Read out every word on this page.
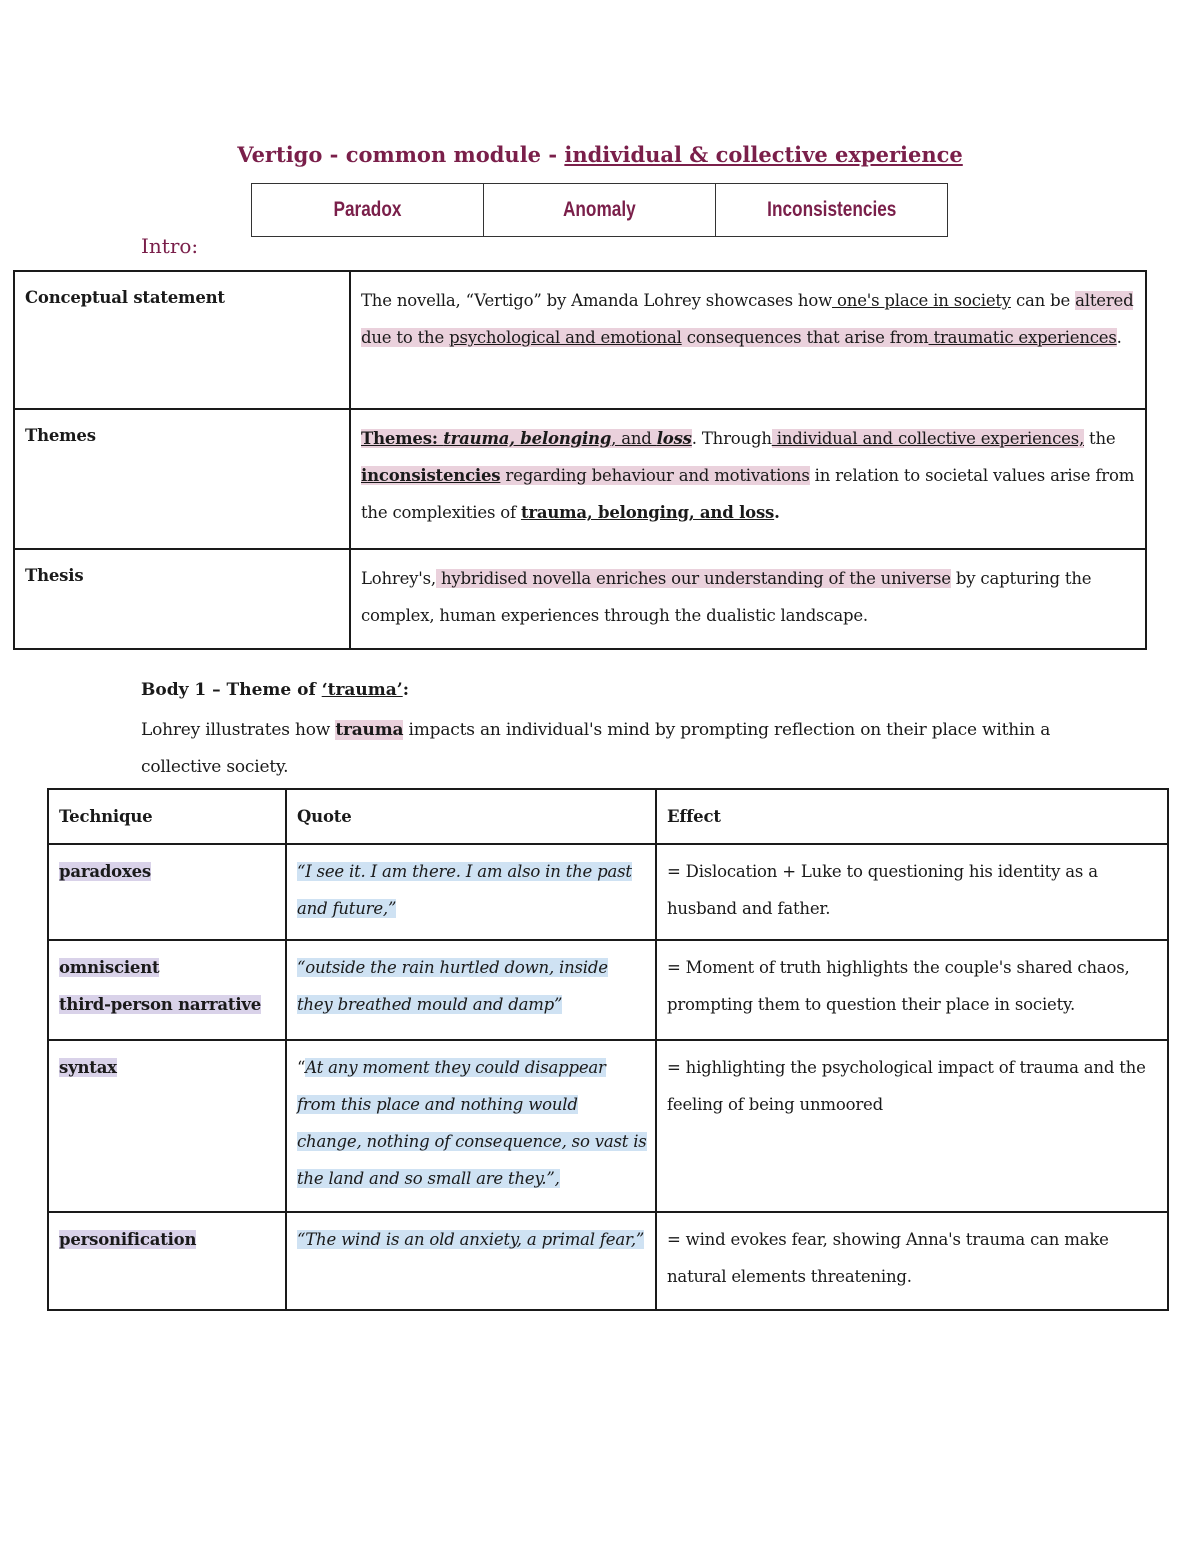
Vertigo - common module - individual & collective experience
Paradox	Anomaly	Inconsistencies
Intro:
Conceptual statement	The novella, “Vertigo” by Amanda Lohrey showcases how one's place in society can be altered due to the psychological and emotional consequences that arise from traumatic experiences.
Themes	Themes: trauma, belonging, and loss. Through individual and collective experiences, the inconsistencies regarding behaviour and motivations in relation to societal values arise from the complexities of trauma, belonging, and loss.
Thesis	Lohrey's, hybridised novella enriches our understanding of the universe by capturing the complex, human experiences through the dualistic landscape.
Body 1 – Theme of ‘trauma’:
Lohrey illustrates how trauma impacts an individual's mind by prompting reflection on their place within a collective society.
Technique	Quote	Effect
paradoxes	“I see it. I am there. I am also in the past and future,”	= Dislocation + Luke to questioning his identity as a husband and father.
omniscient
third-person narrative	“outside the rain hurtled down, inside they breathed mould and damp”	= Moment of truth highlights the couple's shared chaos, prompting them to question their place in society.
syntax	“At any moment they could disappear from this place and nothing would change, nothing of consequence, so vast is the land and so small are they.”,	= highlighting the psychological impact of trauma and the feeling of being unmoored
personification	“The wind is an old anxiety, a primal fear,”	= wind evokes fear, showing Anna's trauma can make natural elements threatening.
